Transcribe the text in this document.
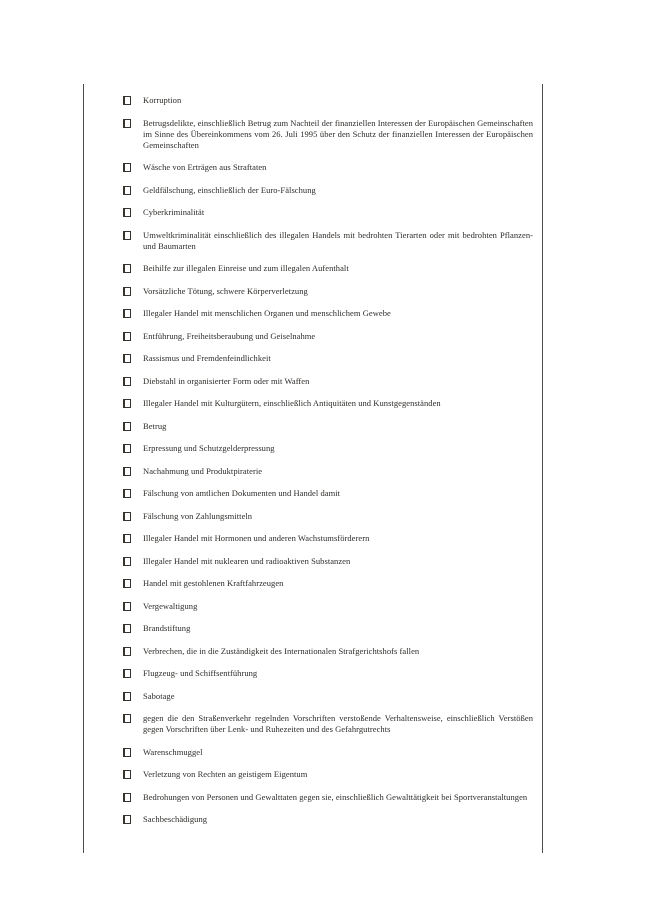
Korruption
Betrugsdelikte, einschließlich Betrug zum Nachteil der finanziellen Interessen der Europäischen Gemeinschaften im Sinne des Übereinkommens vom 26. Juli 1995 über den Schutz der finanziellen Interessen der Europäischen Gemeinschaften
Wäsche von Erträgen aus Straftaten
Geldfälschung, einschließlich der Euro-Fälschung
Cyberkriminalität
Umweltkriminalität einschließlich des illegalen Handels mit bedrohten Tierarten oder mit bedrohten Pflanzen- und Baumarten
Beihilfe zur illegalen Einreise und zum illegalen Aufenthalt
Vorsätzliche Tötung, schwere Körperverletzung
Illegaler Handel mit menschlichen Organen und menschlichem Gewebe
Entführung, Freiheitsberaubung und Geiselnahme
Rassismus und Fremdenfeindlichkeit
Diebstahl in organisierter Form oder mit Waffen
Illegaler Handel mit Kulturgütern, einschließlich Antiquitäten und Kunstgegenständen
Betrug
Erpressung und Schutzgelderpressung
Nachahmung und Produktpiraterie
Fälschung von amtlichen Dokumenten und Handel damit
Fälschung von Zahlungsmitteln
Illegaler Handel mit Hormonen und anderen Wachstumsförderern
Illegaler Handel mit nuklearen und radioaktiven Substanzen
Handel mit gestohlenen Kraftfahrzeugen
Vergewaltigung
Brandstiftung
Verbrechen, die in die Zuständigkeit des Internationalen Strafgerichtshofs fallen
Flugzeug- und Schiffsentführung
Sabotage
gegen die den Straßenverkehr regelnden Vorschriften verstoßende Verhaltensweise, einschließlich Verstößen gegen Vorschriften über Lenk- und Ruhezeiten und des Gefahrgutrechts
Warenschmuggel
Verletzung von Rechten an geistigem Eigentum
Bedrohungen von Personen und Gewalttaten gegen sie, einschließlich Gewalttätigkeit bei Sportveranstaltungen
Sachbeschädigung
